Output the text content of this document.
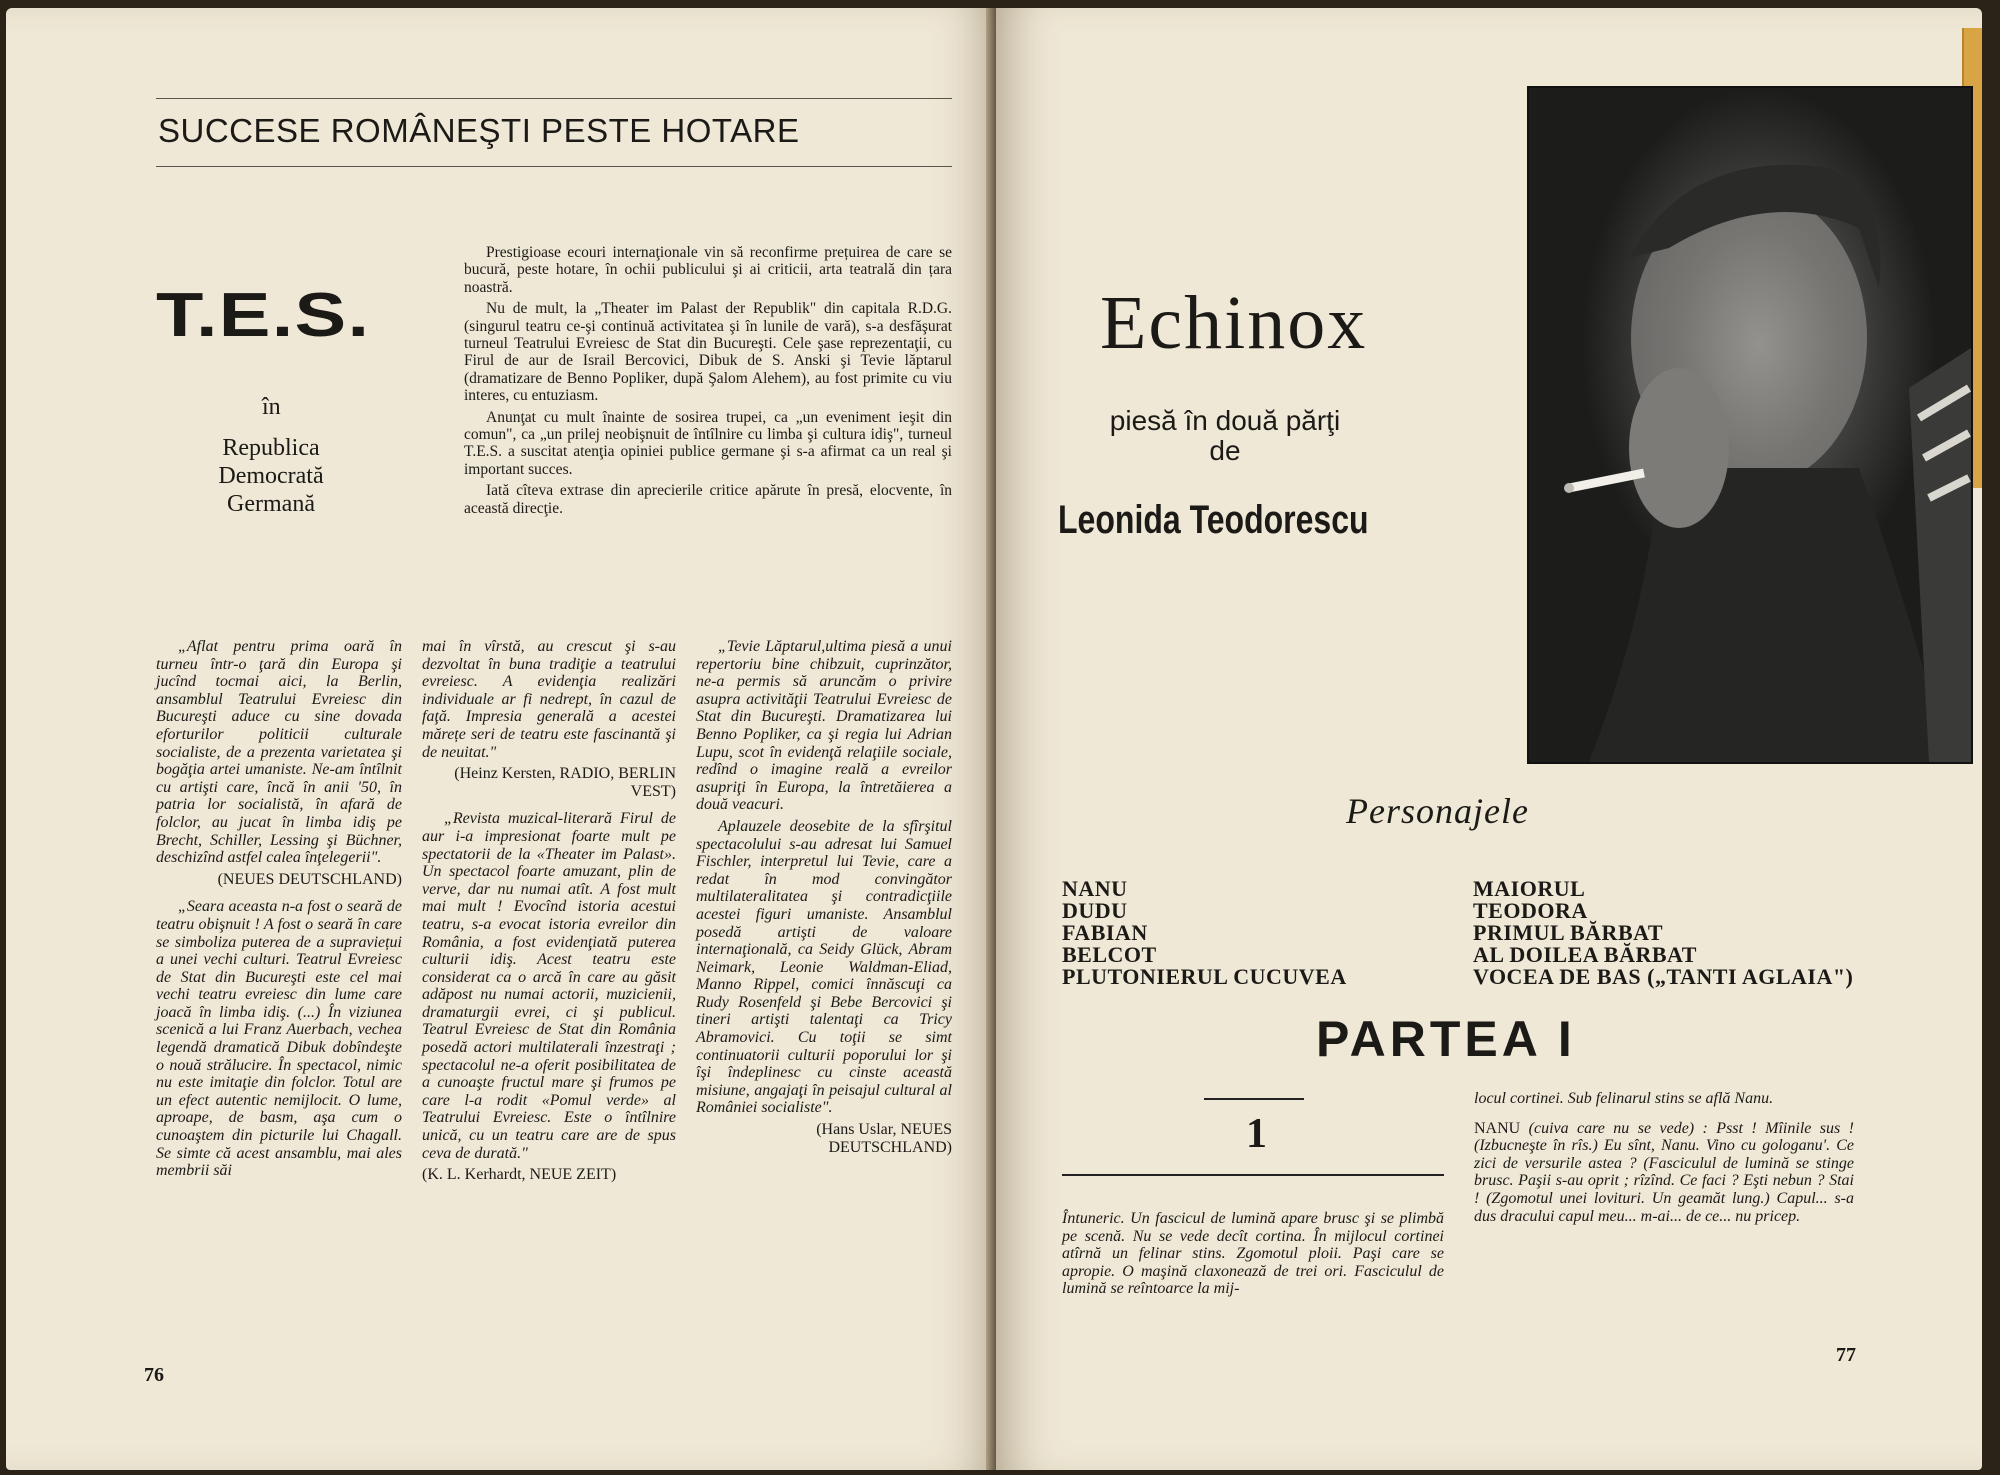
SUCCESE ROMÂNEŞTI PESTE HOTARE
T.E.S.
în
Republica
Democrată
Germană

Prestigioase ecouri internaţionale vin să reconfirme prețuirea de care se bucură, peste hotare, în ochii publicului şi ai criticii, arta teatrală din țara noastră.

Nu de mult, la „Theater im Palast der Republik" din capitala R.D.G. (singurul teatru ce-şi continuă activitatea şi în lunile de vară), s-a desfăşurat turneul Teatrului Evreiesc de Stat din Bucureşti. Cele şase reprezentaţii, cu Firul de aur de Israil Bercovici, Dibuk de S. Anski şi Tevie lăptarul (dramatizare de Benno Popliker, după Şalom Alehem), au fost primite cu viu interes, cu entuziasm.

Anunţat cu mult înainte de sosirea trupei, ca „un eveniment ieşit din comun", ca „un prilej neobişnuit de întîlnire cu limba şi cultura idiş", turneul T.E.S. a suscitat atenţia opiniei publice germane şi s-a afirmat ca un real şi important succes.

Iată cîteva extrase din aprecierile critice apărute în presă, elocvente, în această direcţie.

„Aflat pentru prima oară în turneu într-o ţară din Europa şi jucînd tocmai aici, la Berlin, ansamblul Teatrului Evreiesc din Bucureşti aduce cu sine dovada eforturilor politicii culturale socialiste, de a prezenta varietatea şi bogăţia artei umaniste. Ne-am întîlnit cu artişti care, încă în anii '50, în patria lor socialistă, în afară de folclor, au jucat în limba idiş pe Brecht, Schiller, Lessing şi Büchner, deschizînd astfel calea înţelegerii".

(NEUES DEUTSCHLAND)

„Seara aceasta n-a fost o seară de teatru obişnuit ! A fost o seară în care se simboliza puterea de a supraviețui a unei vechi culturi. Teatrul Evreiesc de Stat din Bucureşti este cel mai vechi teatru evreiesc din lume care joacă în limba idiş. (...) În viziunea scenică a lui Franz Auerbach, vechea legendă dramatică Dibuk dobîndeşte o nouă strălucire. În spectacol, nimic nu este imitaţie din folclor. Totul are un efect autentic nemijlocit. O lume, aproape, de basm, aşa cum o cunoaştem din picturile lui Chagall. Se simte că acest ansamblu, mai ales membrii săi

mai în vîrstă, au crescut şi s-au dezvoltat în buna tradiţie a teatrului evreiesc. A evidenţia realizări individuale ar fi nedrept, în cazul de faţă. Impresia generală a acestei mărețe seri de teatru este fascinantă şi de neuitat."

(Heinz Kersten, RADIO, BERLIN VEST)

„Revista muzical-literară Firul de aur i-a impresionat foarte mult pe spectatorii de la «Theater im Palast». Un spectacol foarte amuzant, plin de verve, dar nu numai atît. A fost mult mai mult ! Evocînd istoria acestui teatru, s-a evocat istoria evreilor din România, a fost evidenţiată puterea culturii idiş. Acest teatru este considerat ca o arcă în care au găsit adăpost nu numai actorii, muzicienii, dramaturgii evrei, ci şi publicul. Teatrul Evreiesc de Stat din România posedă actori multilaterali înzestraţi ; spectacolul ne-a oferit posibilitatea de a cunoaşte fructul mare şi frumos pe care l-a rodit «Pomul verde» al Teatrului Evreiesc. Este o întîlnire unică, cu un teatru care are de spus ceva de durată."

(K. L. Kerhardt, NEUE ZEIT)

„Tevie Lăptarul,ultima piesă a unui repertoriu bine chibzuit, cuprinzător, ne-a permis să aruncăm o privire asupra activităţii Teatrului Evreiesc de Stat din Bucureşti. Dramatizarea lui Benno Popliker, ca şi regia lui Adrian Lupu, scot în evidenţă relaţiile sociale, redînd o imagine reală a evreilor asupriţi în Europa, la întretăierea a două veacuri.

Aplauzele deosebite de la sfîrşitul spectacolului s-au adresat lui Samuel Fischler, interpretul lui Tevie, care a redat în mod convingător multilateralitatea şi contradicţiile acestei figuri umaniste. Ansamblul posedă artişti de valoare internaţională, ca Seidy Glück, Abram Neimark, Leonie Waldman-Eliad, Manno Rippel, comici înnăscuţi ca Rudy Rosenfeld şi Bebe Bercovici şi tineri artişti talentaţi ca Tricy Abramovici. Cu toţii se simt continuatorii culturii poporului lor şi îşi îndeplinesc cu cinste această misiune, angajaţi în peisajul cultural al României socialiste".

(Hans Uslar, NEUES DEUTSCHLAND)
76
Echinox
piesă în două părţi
de
Leonida Teodorescu
Personajele
NANU
DUDU
FABIAN
BELCOT
PLUTONIERUL CUCUVEA
MAIORUL
TEODORA
PRIMUL BĂRBAT
AL DOILEA BĂRBAT
VOCEA DE BAS („TANTI AGLAIA")
PARTEA I
1
Întuneric. Un fascicul de lumină apare brusc şi se plimbă pe scenă. Nu se vede decît cortina. În mijlocul cortinei atîrnă un felinar stins. Zgomotul ploii. Paşi care se apropie. O maşină claxonează de trei ori. Fasciculul de lumină se reîntoarce la mij-

locul cortinei. Sub felinarul stins se află Nanu.

NANU (cuiva care nu se vede) : Psst ! Mîinile sus ! (Izbucneşte în rîs.) Eu sînt, Nanu. Vino cu gologanu'. Ce zici de versurile astea ? (Fasciculul de lumină se stinge brusc. Paşii s-au oprit ; rîzînd. Ce faci ? Eşti nebun ? Stai ! (Zgomotul unei lovituri. Un geamăt lung.) Capul... s-a dus dracului capul meu... m-ai... de ce... nu pricep.

77
